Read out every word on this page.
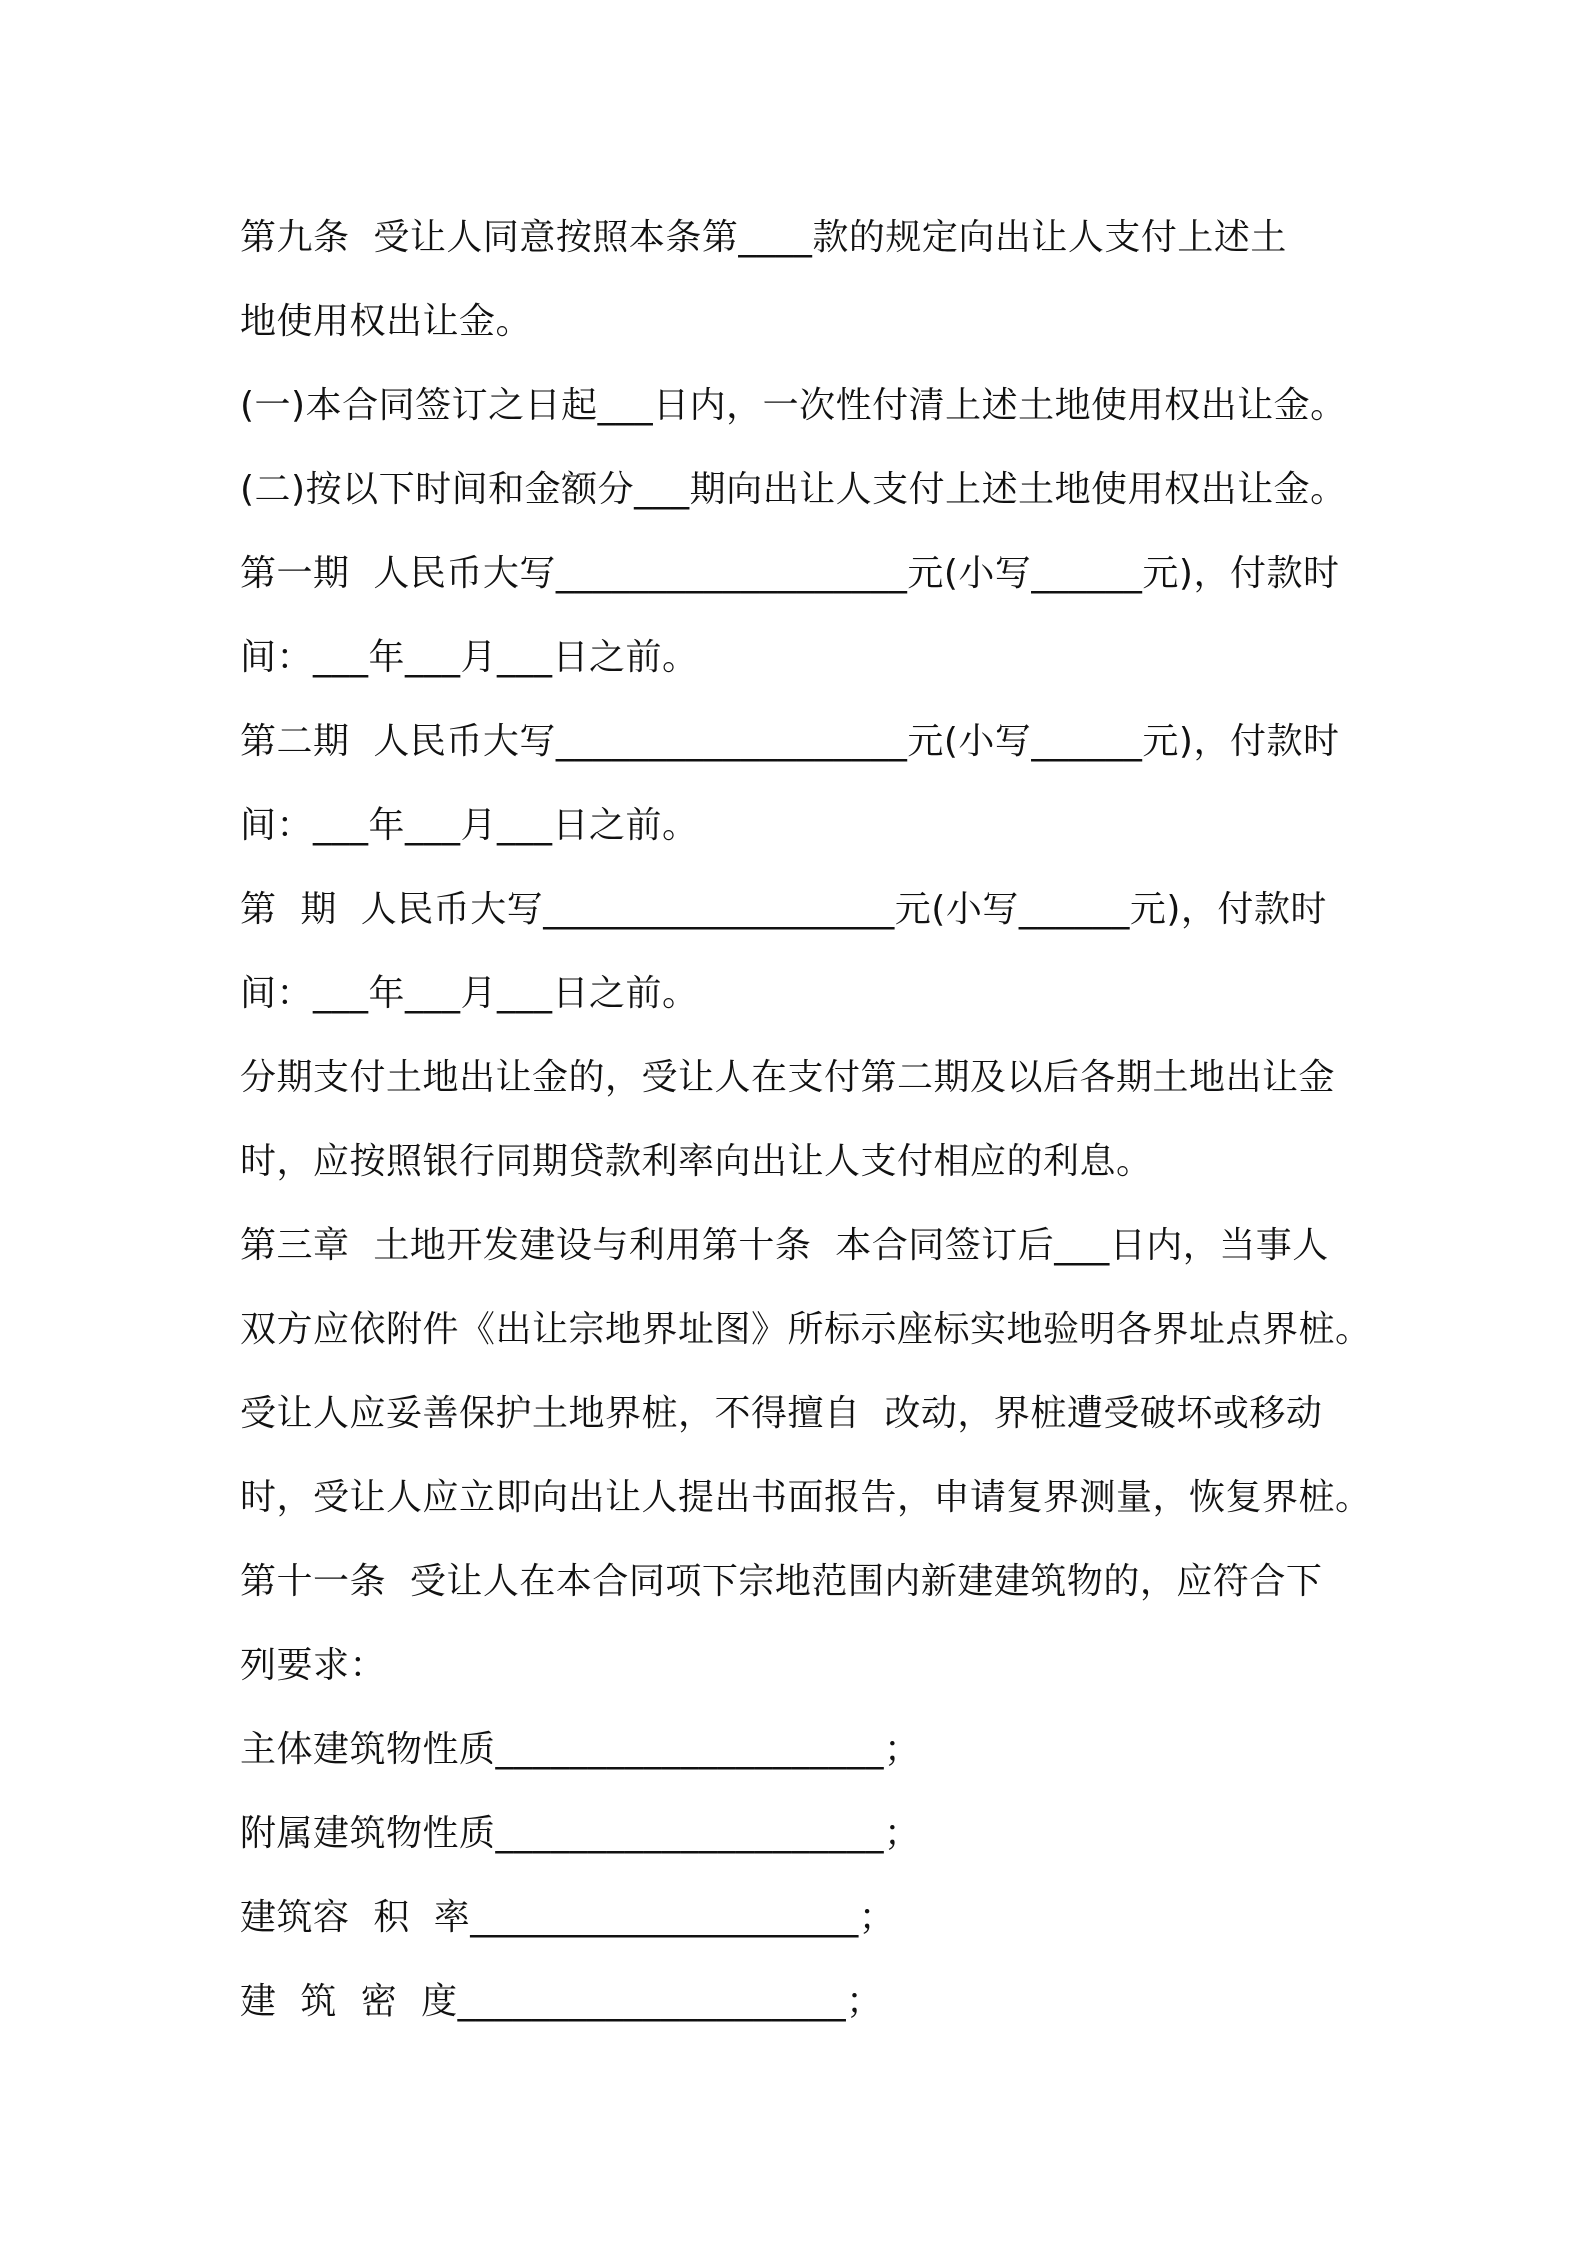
第九条  受让人同意按照本条第____款的规定向出让人支付上述土
地使用权出让金。
(一)本合同签订之日起___日内，一次性付清上述土地使用权出让金。
(二)按以下时间和金额分___期向出让人支付上述土地使用权出让金。
第一期  人民币大写___________________元(小写______元)，付款时
间：___年___月___日之前。
第二期  人民币大写___________________元(小写______元)，付款时
间：___年___月___日之前。
第  期  人民币大写___________________元(小写______元)，付款时
间：___年___月___日之前。
分期支付土地出让金的，受让人在支付第二期及以后各期土地出让金
时，应按照银行同期贷款利率向出让人支付相应的利息。
第三章  土地开发建设与利用第十条  本合同签订后___日内，当事人
双方应依附件《出让宗地界址图》所标示座标实地验明各界址点界桩。
受让人应妥善保护土地界桩，不得擅自  改动，界桩遭受破坏或移动
时，受让人应立即向出让人提出书面报告，申请复界测量，恢复界桩。
第十一条  受让人在本合同项下宗地范围内新建建筑物的，应符合下
列要求：
主体建筑物性质_____________________；
附属建筑物性质_____________________；
建筑容  积  率_____________________；
建  筑  密  度_____________________；
